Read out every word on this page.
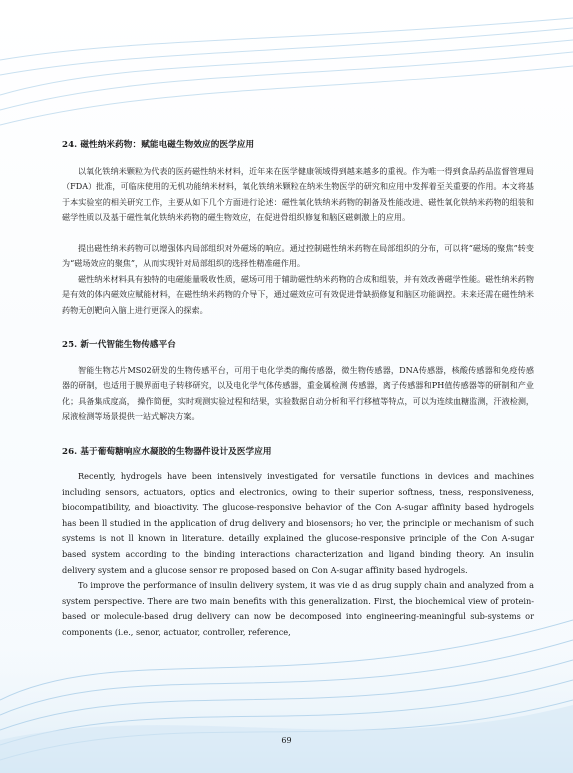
24. 磁性纳米药物：赋能电磁生物效应的医学应用

以氧化铁纳米颗粒为代表的医药磁性纳米材料，近年来在医学健康领域得到越来越多的重视。作为唯一得到食品药品监督管理局（FDA）批准，可临床使用的无机功能纳米材料，氧化铁纳米颗粒在纳米生物医学的研究和应用中发挥着至关重要的作用。本文将基于本实验室的相关研究工作，主要从如下几个方面进行论述：磁性氧化铁纳米药物的制备及性能改进、磁性氧化铁纳米药物的组装和磁学性质以及基于磁性氧化铁纳米药物的磁生物效应，在促进骨组织修复和脑区磁刺激上的应用。

提出磁性纳米药物可以增强体内局部组织对外磁场的响应。通过控制磁性纳米药物在局部组织的分布，可以将“磁场的聚焦”转变为“磁场效应的聚焦”，从而实现针对局部组织的选择性精准磁作用。

磁性纳米材料具有独特的电磁能量吸收性质，磁场可用于辅助磁性纳米药物的合成和组装，并有效改善磁学性能。磁性纳米药物是有效的体内磁效应赋能材料，在磁性纳米药物的介导下，通过磁效应可有效促进骨缺损修复和脑区功能调控。未来还需在磁性纳米药物无创靶向入脑上进行更深入的探索。

25. 新一代智能生物传感平台

智能生物芯片MS02研发的生物传感平台，可用于电化学类的酶传感器，微生物传感器，DNA传感器，核酸传感器和免疫传感器的研制，也适用于膜界面电子转移研究，以及电化学气体传感器，重金属检测 传感器，离子传感器和PH值传感器等的研制和产业化；具备集成度高， 操作简便，实时观测实验过程和结果，实验数据自动分析和平行移植等特点，可以为连续血糖监测，汗液检测，尿液检测等场景提供一站式解决方案。

26. 基于葡萄糖响应水凝胶的生物器件设计及医学应用

Recently, hydrogels have been intensively investigated for versatile functions in devices and machines including sensors, actuators, optics and electronics, owing to their superior softness, tness, responsiveness, biocompatibility, and bioactivity. The glucose-responsive behavior of the Con A-sugar affinity based hydrogels has been ll studied in the application of drug delivery and biosensors; ho ver, the principle or mechanism of such systems is not ll known in literature. detailly explained the glucose-responsive principle of the Con A-sugar based system according to the binding interactions characterization and ligand binding theory. An insulin delivery system and a glucose sensor re proposed based on Con A-sugar affinity based hydrogels.

To improve the performance of insulin delivery system, it was vie d as drug supply chain and analyzed from a system perspective. There are two main benefits with this generalization. First, the biochemical view of protein-based or molecule-based drug delivery can now be decomposed into engineering-meaningful sub-systems or components (i.e., senor, actuator, controller, reference,

69
